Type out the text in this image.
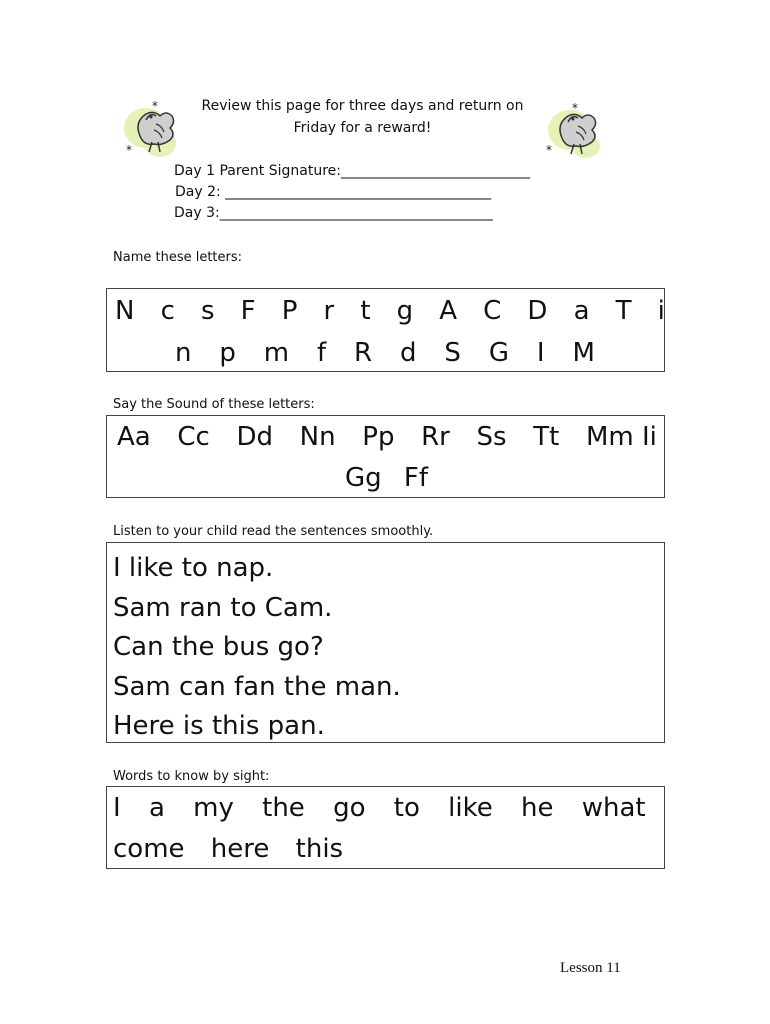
*
*
*
*
Review this page for three days and return on
Friday for a reward!
Day 1 Parent Signature:___________________________
Day 2: ______________________________________
Day 3:_______________________________________
Name these letters:
N c s F P r t g A C D a T i
n p m f R d S G I M
Say the Sound of these letters:
Aa Cc Dd Nn Pp Rr Ss Tt Mm Ii
Gg Ff
Listen to your child read the sentences smoothly.
I like to nap.
Sam ran to Cam.
Can the bus go?
Sam can fan the man.
Here is this pan.
Words to know by sight:
I a my the go to like he what
come here this
Lesson 11
